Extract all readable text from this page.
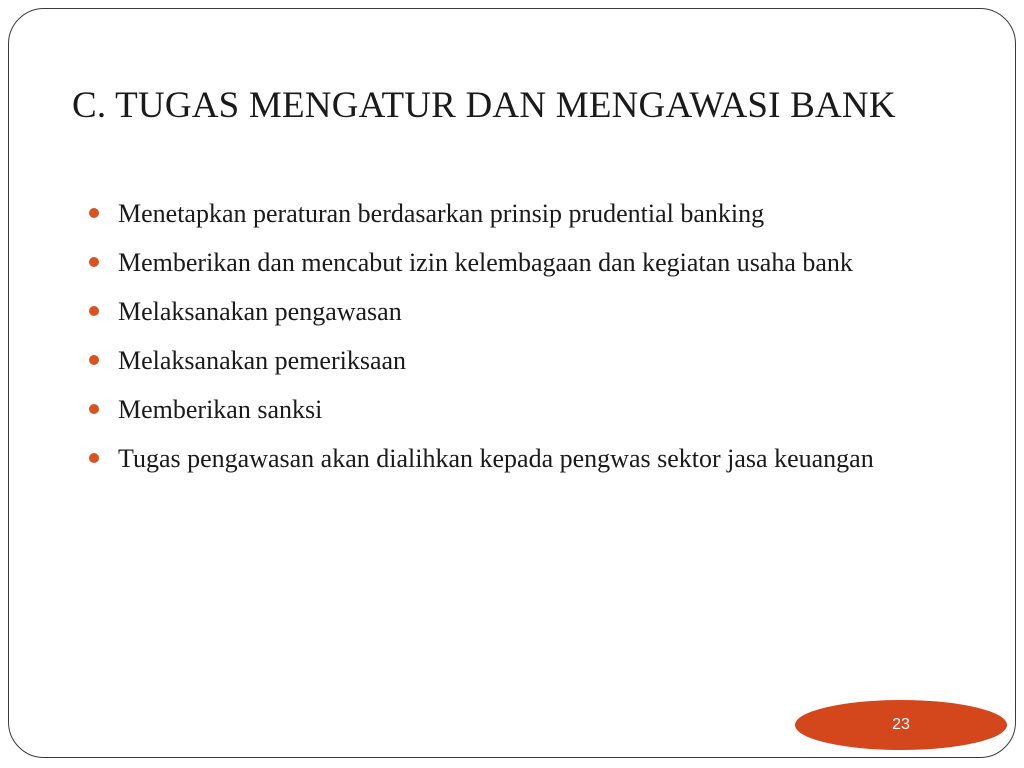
C. TUGAS MENGATUR DAN MENGAWASI BANK
Menetapkan peraturan berdasarkan prinsip prudential banking
Memberikan dan mencabut izin kelembagaan dan kegiatan usaha bank
Melaksanakan pengawasan
Melaksanakan pemeriksaan
Memberikan sanksi
Tugas pengawasan akan dialihkan kepada pengwas sektor jasa keuangan
23
